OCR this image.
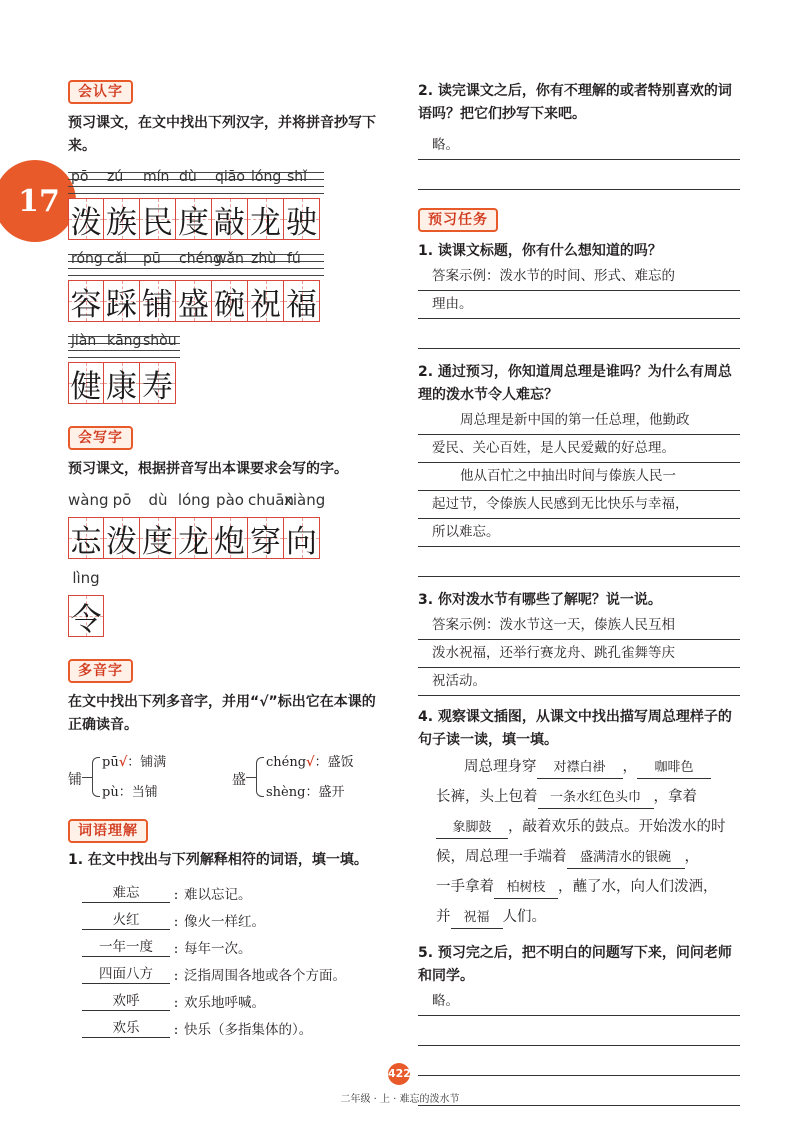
17
会认字
预习课文，在文中找出下列汉字，并将拼音抄写下来。
pō zú mín dù qiāo lóng shǐ
泼 族 民 度 敲 龙 驶
róng cǎi pū chéng
wǎn zhù fú
容 踩 铺 盛 碗 祝 福
jiàn kāng shòu
健 康 寿
会写字
预习课文，根据拼音写出本课要求会写的字。
wàng pō	dù lóng pào chuān
xiàng
忘 泼 度 龙 炮 穿 向
lìng
令
多音字
在文中找出下列多音字，并用“√”标出它在本课的正确读音。
铺
pū√：铺满
pù：当铺
盛
chéng√：盛饭
shèng：盛开
词语理解
1. 在文中找出与下列解释相符的词语，填一填。
难忘	: 难以忘记。
火红	: 像火一样红。
一年一度	: 每年一次。
四面八方	: 泛指周围各地或各个方面。
欢呼	: 欢乐地呼喊。
欢乐	: 快乐（多指集体的）。
2. 读完课文之后，你有不理解的或者特别喜欢的词语吗？把它们抄写下来吧。
略。
预习任务
1. 读课文标题，你有什么想知道的吗？
答案示例：泼水节的时间、形式、难忘的
理由。
2. 通过预习，你知道周总理是谁吗？为什么有周总理的泼水节令人难忘？
周总理是新中国的第一任总理，他勤政
爱民、关心百姓，是人民爱戴的好总理。
他从百忙之中抽出时间与傣族人民一
起过节，令傣族人民感到无比快乐与幸福，
所以难忘。
3. 你对泼水节有哪些了解呢？说一说。
答案示例：泼水节这一天，傣族人民互相
泼水祝福，还举行赛龙舟、跳孔雀舞等庆
祝活动。
4. 观察课文插图，从课文中找出描写周总理样子的句子读一读，填一填。
周总理身穿 对襟白褂 ， 咖啡色
长裤，头上包着 一条水红色头巾 ，拿着
象脚鼓 ，敲着欢乐的鼓点。开始泼水的时候，周总理一手端着 盛满清水的银碗 ，
一手拿着 柏树枝 ，蘸了水，向人们泼洒，
并 祝福 人们。
5. 预习完之后，把不明白的问题写下来，问问老师和同学。
略。
422
二年级 · 上 · 难忘的泼水节
